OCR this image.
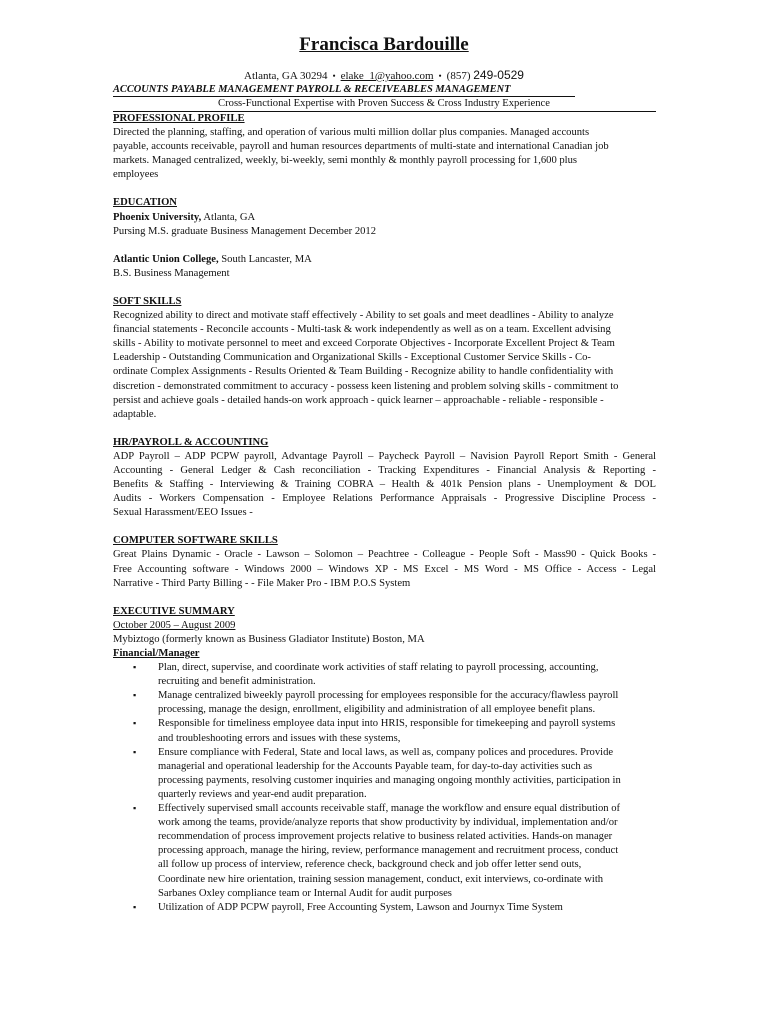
Francisca Bardouille
Atlanta, GA 30294 • elake_1@yahoo.com • (857) 249-0529
ACCOUNTS PAYABLE MANAGEMENT PAYROLL & RECEIVEABLES MANAGEMENT
Cross-Functional Expertise with Proven Success & Cross Industry Experience
PROFESSIONAL PROFILE

Directed the planning, staffing, and operation of various multi million dollar plus companies. Managed accounts

payable, accounts receivable, payroll and human resources departments of multi-state and international Canadian job

markets. Managed centralized, weekly, bi-weekly, semi monthly & monthly payroll processing for 1,600 plus

employees

EDUCATION

Phoenix University, Atlanta, GA

Pursing M.S. graduate Business Management December 2012

Atlantic Union College, South Lancaster, MA

B.S. Business Management

SOFT SKILLS

Recognized ability to direct and motivate staff effectively - Ability to set goals and meet deadlines - Ability to analyze

financial statements - Reconcile accounts - Multi-task & work independently as well as on a team. Excellent advising

skills - Ability to motivate personnel to meet and exceed Corporate Objectives - Incorporate Excellent Project & Team

Leadership - Outstanding Communication and Organizational Skills - Exceptional Customer Service Skills - Co-

ordinate Complex Assignments - Results Oriented & Team Building - Recognize ability to handle confidentiality with

discretion - demonstrated commitment to accuracy - possess keen listening and problem solving skills - commitment to

persist and achieve goals - detailed hands-on work approach - quick learner – approachable - reliable - responsible -

adaptable.

HR/PAYROLL & ACCOUNTING

ADP Payroll – ADP PCPW payroll, Advantage Payroll – Paycheck Payroll – Navision Payroll Report Smith - General

Accounting - General Ledger & Cash reconciliation - Tracking Expenditures - Financial Analysis & Reporting -

Benefits & Staffing - Interviewing & Training COBRA – Health & 401k Pension plans - Unemployment & DOL

Audits - Workers Compensation - Employee Relations Performance Appraisals - Progressive Discipline Process -

Sexual Harassment/EEO Issues -

COMPUTER SOFTWARE SKILLS

Great Plains Dynamic - Oracle - Lawson – Solomon – Peachtree - Colleague - People Soft - Mass90 - Quick Books -

Free Accounting software - Windows 2000 – Windows XP - MS Excel - MS Word - MS Office - Access - Legal

Narrative - Third Party Billing - - File Maker Pro - IBM P.O.S System

EXECUTIVE SUMMARY

October 2005 – August 2009

Mybiztogo (formerly known as Business Gladiator Institute) Boston, MA

Financial/Manager

▪ Plan, direct, supervise, and coordinate work activities of staff relating to payroll processing, accounting,

recruiting and benefit administration.

▪ Manage centralized biweekly payroll processing for employees responsible for the accuracy/flawless payroll

processing, manage the design, enrollment, eligibility and administration of all employee benefit plans.

▪ Responsible for timeliness employee data input into HRIS, responsible for timekeeping and payroll systems

and troubleshooting errors and issues with these systems,

▪ Ensure compliance with Federal, State and local laws, as well as, company polices and procedures. Provide

managerial and operational leadership for the Accounts Payable team, for day-to-day activities such as

processing payments, resolving customer inquiries and managing ongoing monthly activities, participation in

quarterly reviews and year-end audit preparation.

▪ Effectively supervised small accounts receivable staff, manage the workflow and ensure equal distribution of

work among the teams, provide/analyze reports that show productivity by individual, implementation and/or

recommendation of process improvement projects relative to business related activities. Hands-on manager

processing approach, manage the hiring, review, performance management and recruitment process, conduct

all follow up process of interview, reference check, background check and job offer letter send outs,

Coordinate new hire orientation, training session management, conduct, exit interviews, co-ordinate with

Sarbanes Oxley compliance team or Internal Audit for audit purposes

▪ Utilization of ADP PCPW payroll, Free Accounting System, Lawson and Journyx Time System
